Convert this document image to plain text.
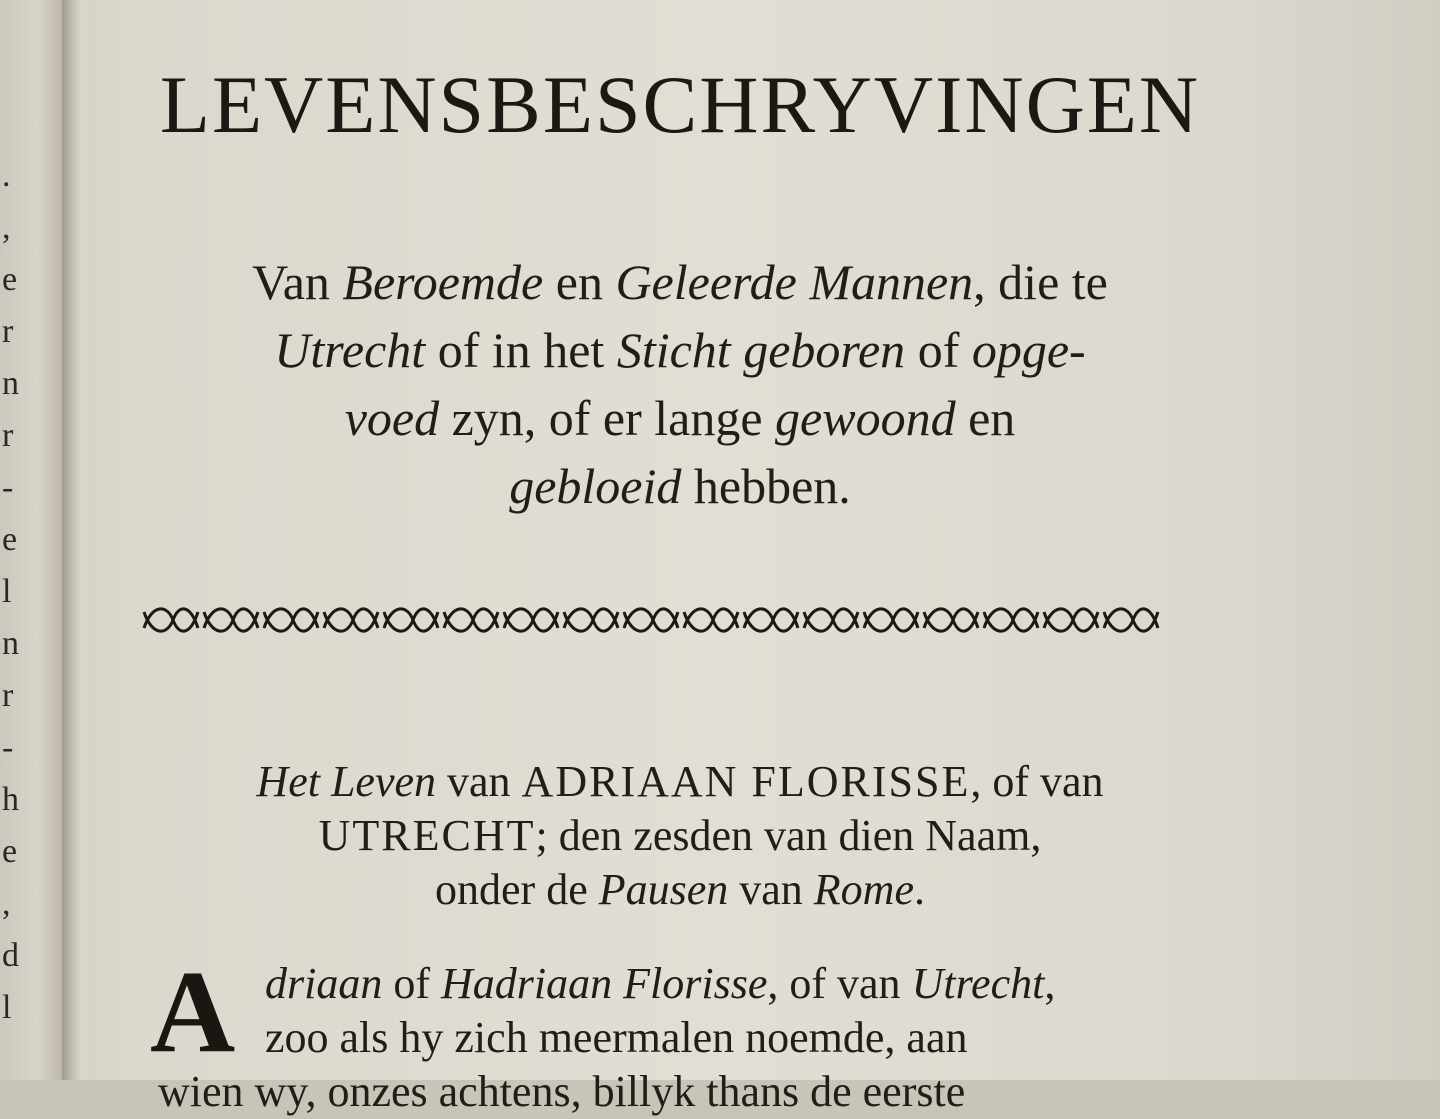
.
,
e
r
n
r
-
e
l
n
r
-
h
e
,
d
l
LEVENSBESCHRYVINGEN
Van Beroemde en Geleerde Mannen, die te
Utrecht of in het Sticht geboren of opge-
voed zyn, of er lange gewoond en
gebloeid hebben.
Het Leven van ADRIAAN FLORISSE, of van
UTRECHT; den zesden van dien Naam,
onder de Pausen van Rome.
A driaan of Hadriaan Florisse, of van Utrecht,
zoo als hy zich meermalen noemde, aan
wien wy, onzes achtens, billyk thans de eerste
